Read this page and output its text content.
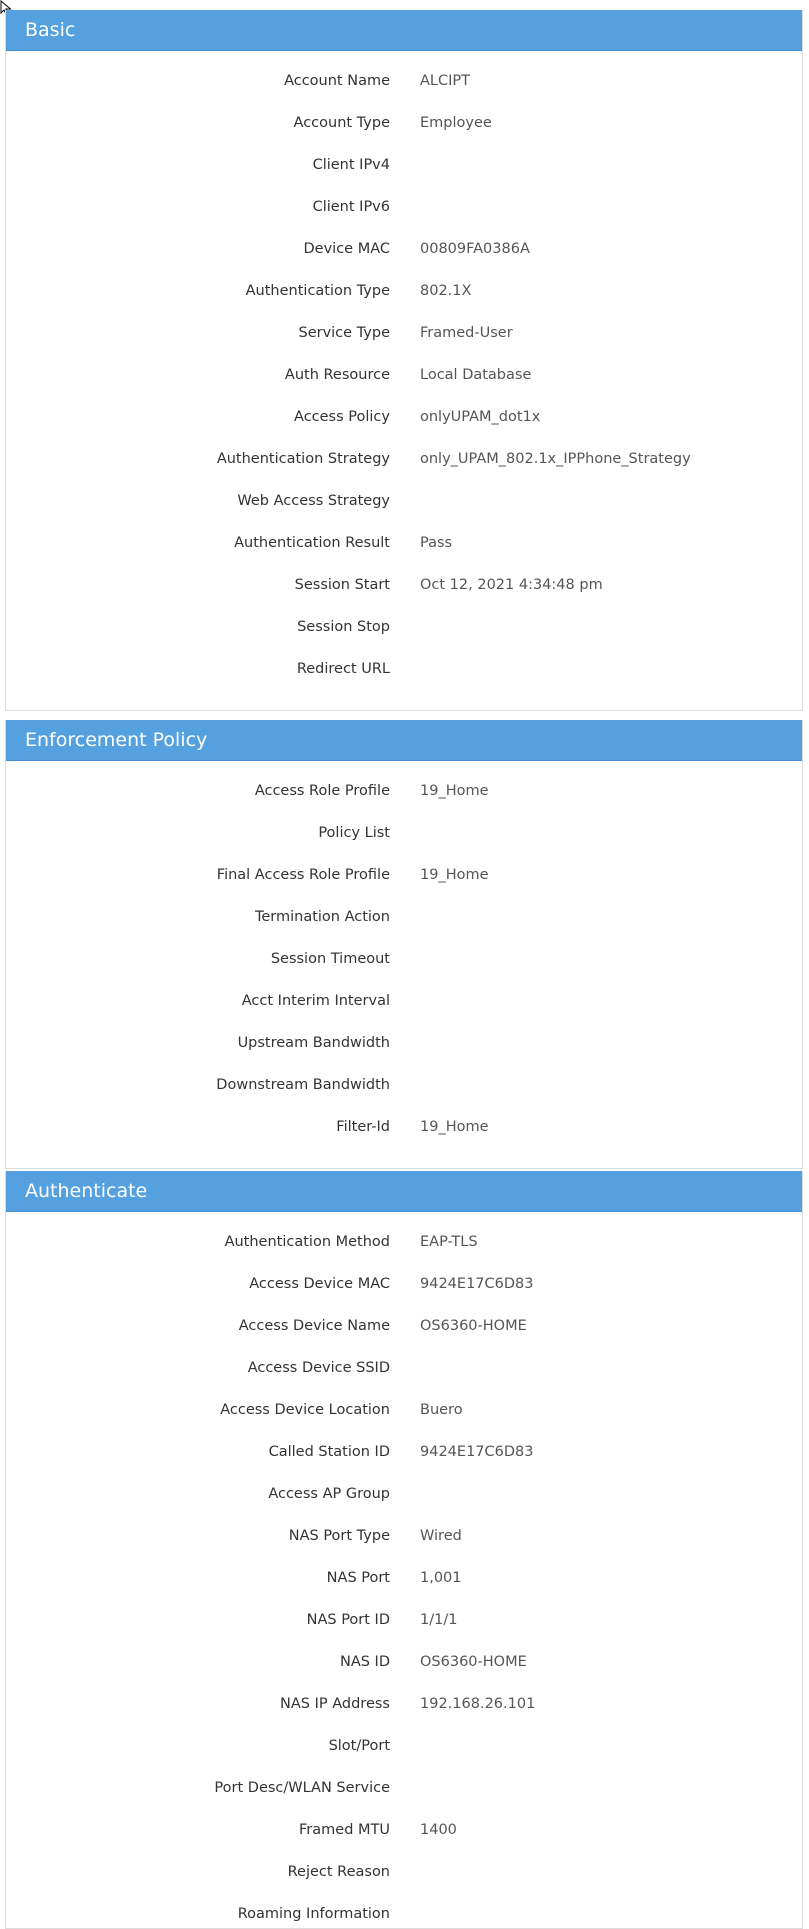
Basic
Account Name	ALCIPT
Account Type	Employee
Client IPv4
Client IPv6
Device MAC	00809FA0386A
Authentication Type	802.1X
Service Type	Framed-User
Auth Resource	Local Database
Access Policy	onlyUPAM_dot1x
Authentication Strategy	only_UPAM_802.1x_IPPhone_Strategy
Web Access Strategy
Authentication Result	Pass
Session Start	Oct 12, 2021 4:34:48 pm
Session Stop
Redirect URL
Enforcement Policy
Access Role Profile	19_Home
Policy List
Final Access Role Profile	19_Home
Termination Action
Session Timeout
Acct Interim Interval
Upstream Bandwidth
Downstream Bandwidth
Filter-Id	19_Home
Authenticate
Authentication Method	EAP-TLS
Access Device MAC	9424E17C6D83
Access Device Name	OS6360-HOME
Access Device SSID
Access Device Location	Buero
Called Station ID	9424E17C6D83
Access AP Group
NAS Port Type	Wired
NAS Port	1,001
NAS Port ID	1/1/1
NAS ID	OS6360-HOME
NAS IP Address	192.168.26.101
Slot/Port
Port Desc/WLAN Service
Framed MTU	1400
Reject Reason
Roaming Information
